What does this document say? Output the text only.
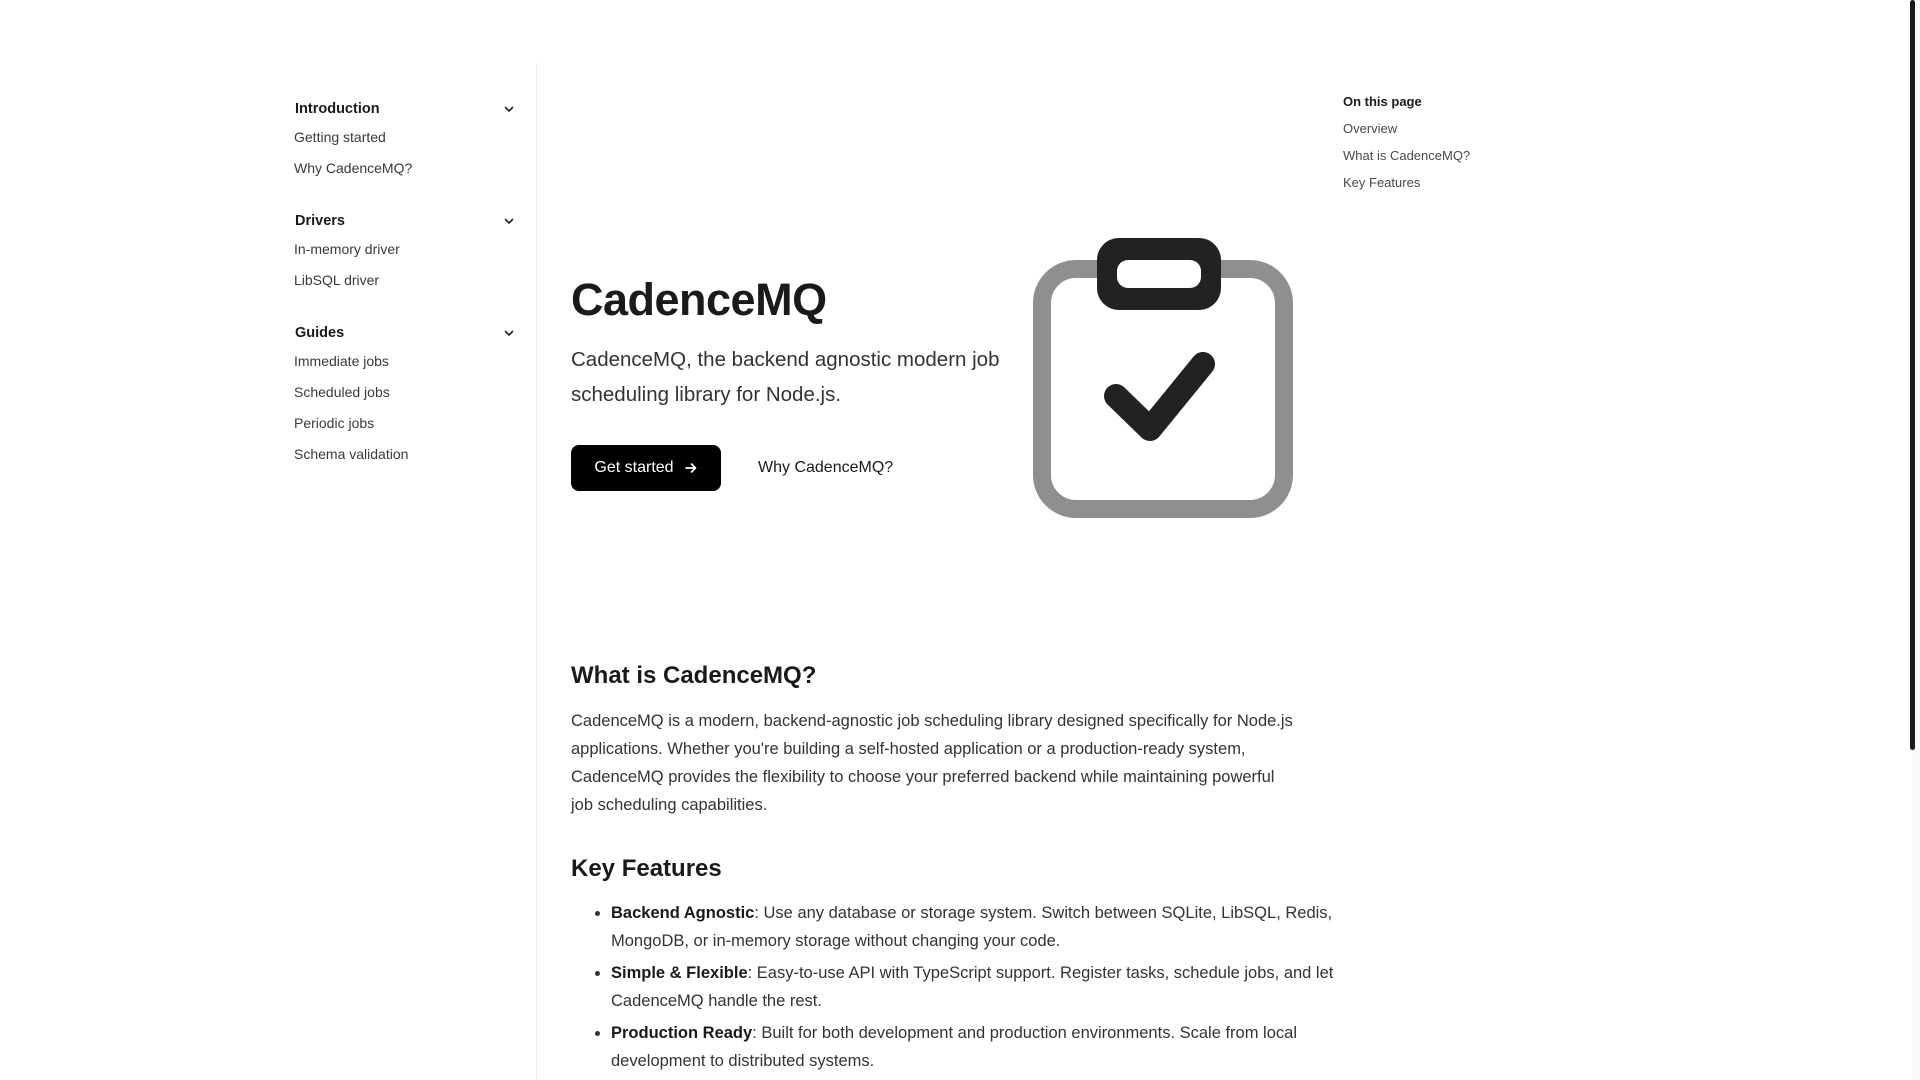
Introduction
Getting started
Why CadenceMQ?
Drivers
In-memory driver
LibSQL driver
Guides
Immediate jobs
Scheduled jobs
Periodic jobs
Schema validation
CadenceMQ

CadenceMQ, the backend agnostic modern job scheduling library for Node.js.

Get started	Why CadenceMQ?
What is CadenceMQ?

CadenceMQ is a modern, backend-agnostic job scheduling library designed specifically for Node.js applications. Whether you're building a self-hosted application or a production-ready system, CadenceMQ provides the flexibility to choose your preferred backend while maintaining powerful job scheduling capabilities.

Key Features
• Backend Agnostic: Use any database or storage system. Switch between SQLite, LibSQL, Redis, MongoDB, or in-memory storage without changing your code.
• Simple & Flexible: Easy-to-use API with TypeScript support. Register tasks, schedule jobs, and let CadenceMQ handle the rest.
• Production Ready: Built for both development and production environments. Scale from local development to distributed systems.
On this page
Overview
What is CadenceMQ?
Key Features
